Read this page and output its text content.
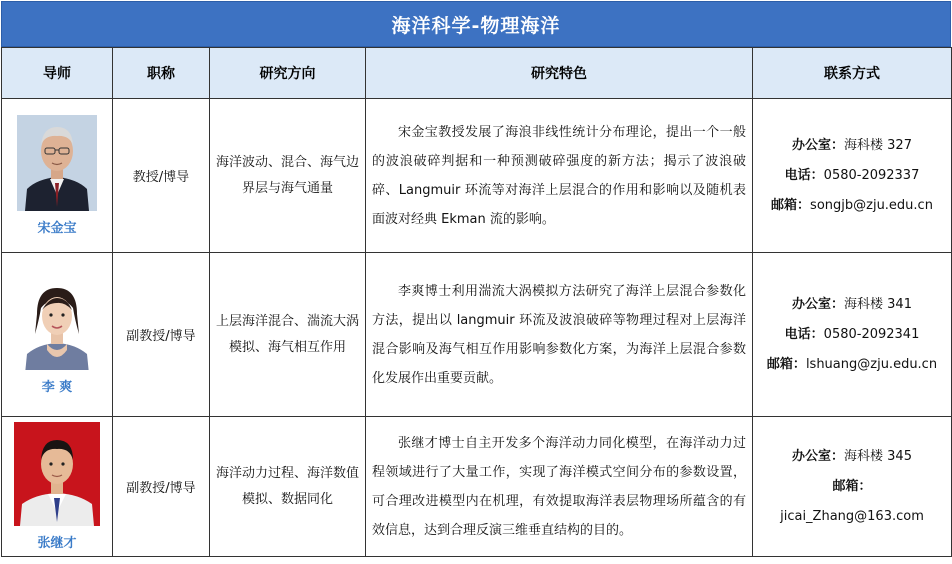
海洋科学-物理海洋
导师	职称	研究方向	研究特色	联系方式

宋金宝	教授/博导	海洋波动、混合、海气边界层与海气通量	宋金宝教授发展了海浪非线性统计分布理论，提出一个一般的波浪破碎判据和一种预测破碎强度的新方法；揭示了波浪破碎、Langmuir 环流等对海洋上层混合的作用和影响以及随机表面波对经典 Ekman 流的影响。	办公室：海科楼 327
电话：0580-2092337
邮箱：songjb@zju.edu.cn

李 爽	副教授/博导	上层海洋混合、湍流大涡模拟、海气相互作用	李爽博士利用湍流大涡模拟方法研究了海洋上层混合参数化方法，提出以 langmuir 环流及波浪破碎等物理过程对上层海洋混合影响及海气相互作用影响参数化方案，为海洋上层混合参数化发展作出重要贡献。	办公室：海科楼 341
电话：0580-2092341
邮箱：lshuang@zju.edu.cn

张继才	副教授/博导	海洋动力过程、海洋数值模拟、数据同化	张继才博士自主开发多个海洋动力同化模型，在海洋动力过程领域进行了大量工作，实现了海洋模式空间分布的参数设置，可合理改进模型内在机理，有效提取海洋表层物理场所蕴含的有效信息，达到合理反演三维垂直结构的目的。	办公室：海科楼 345
邮箱：
jicai_Zhang@163.com
